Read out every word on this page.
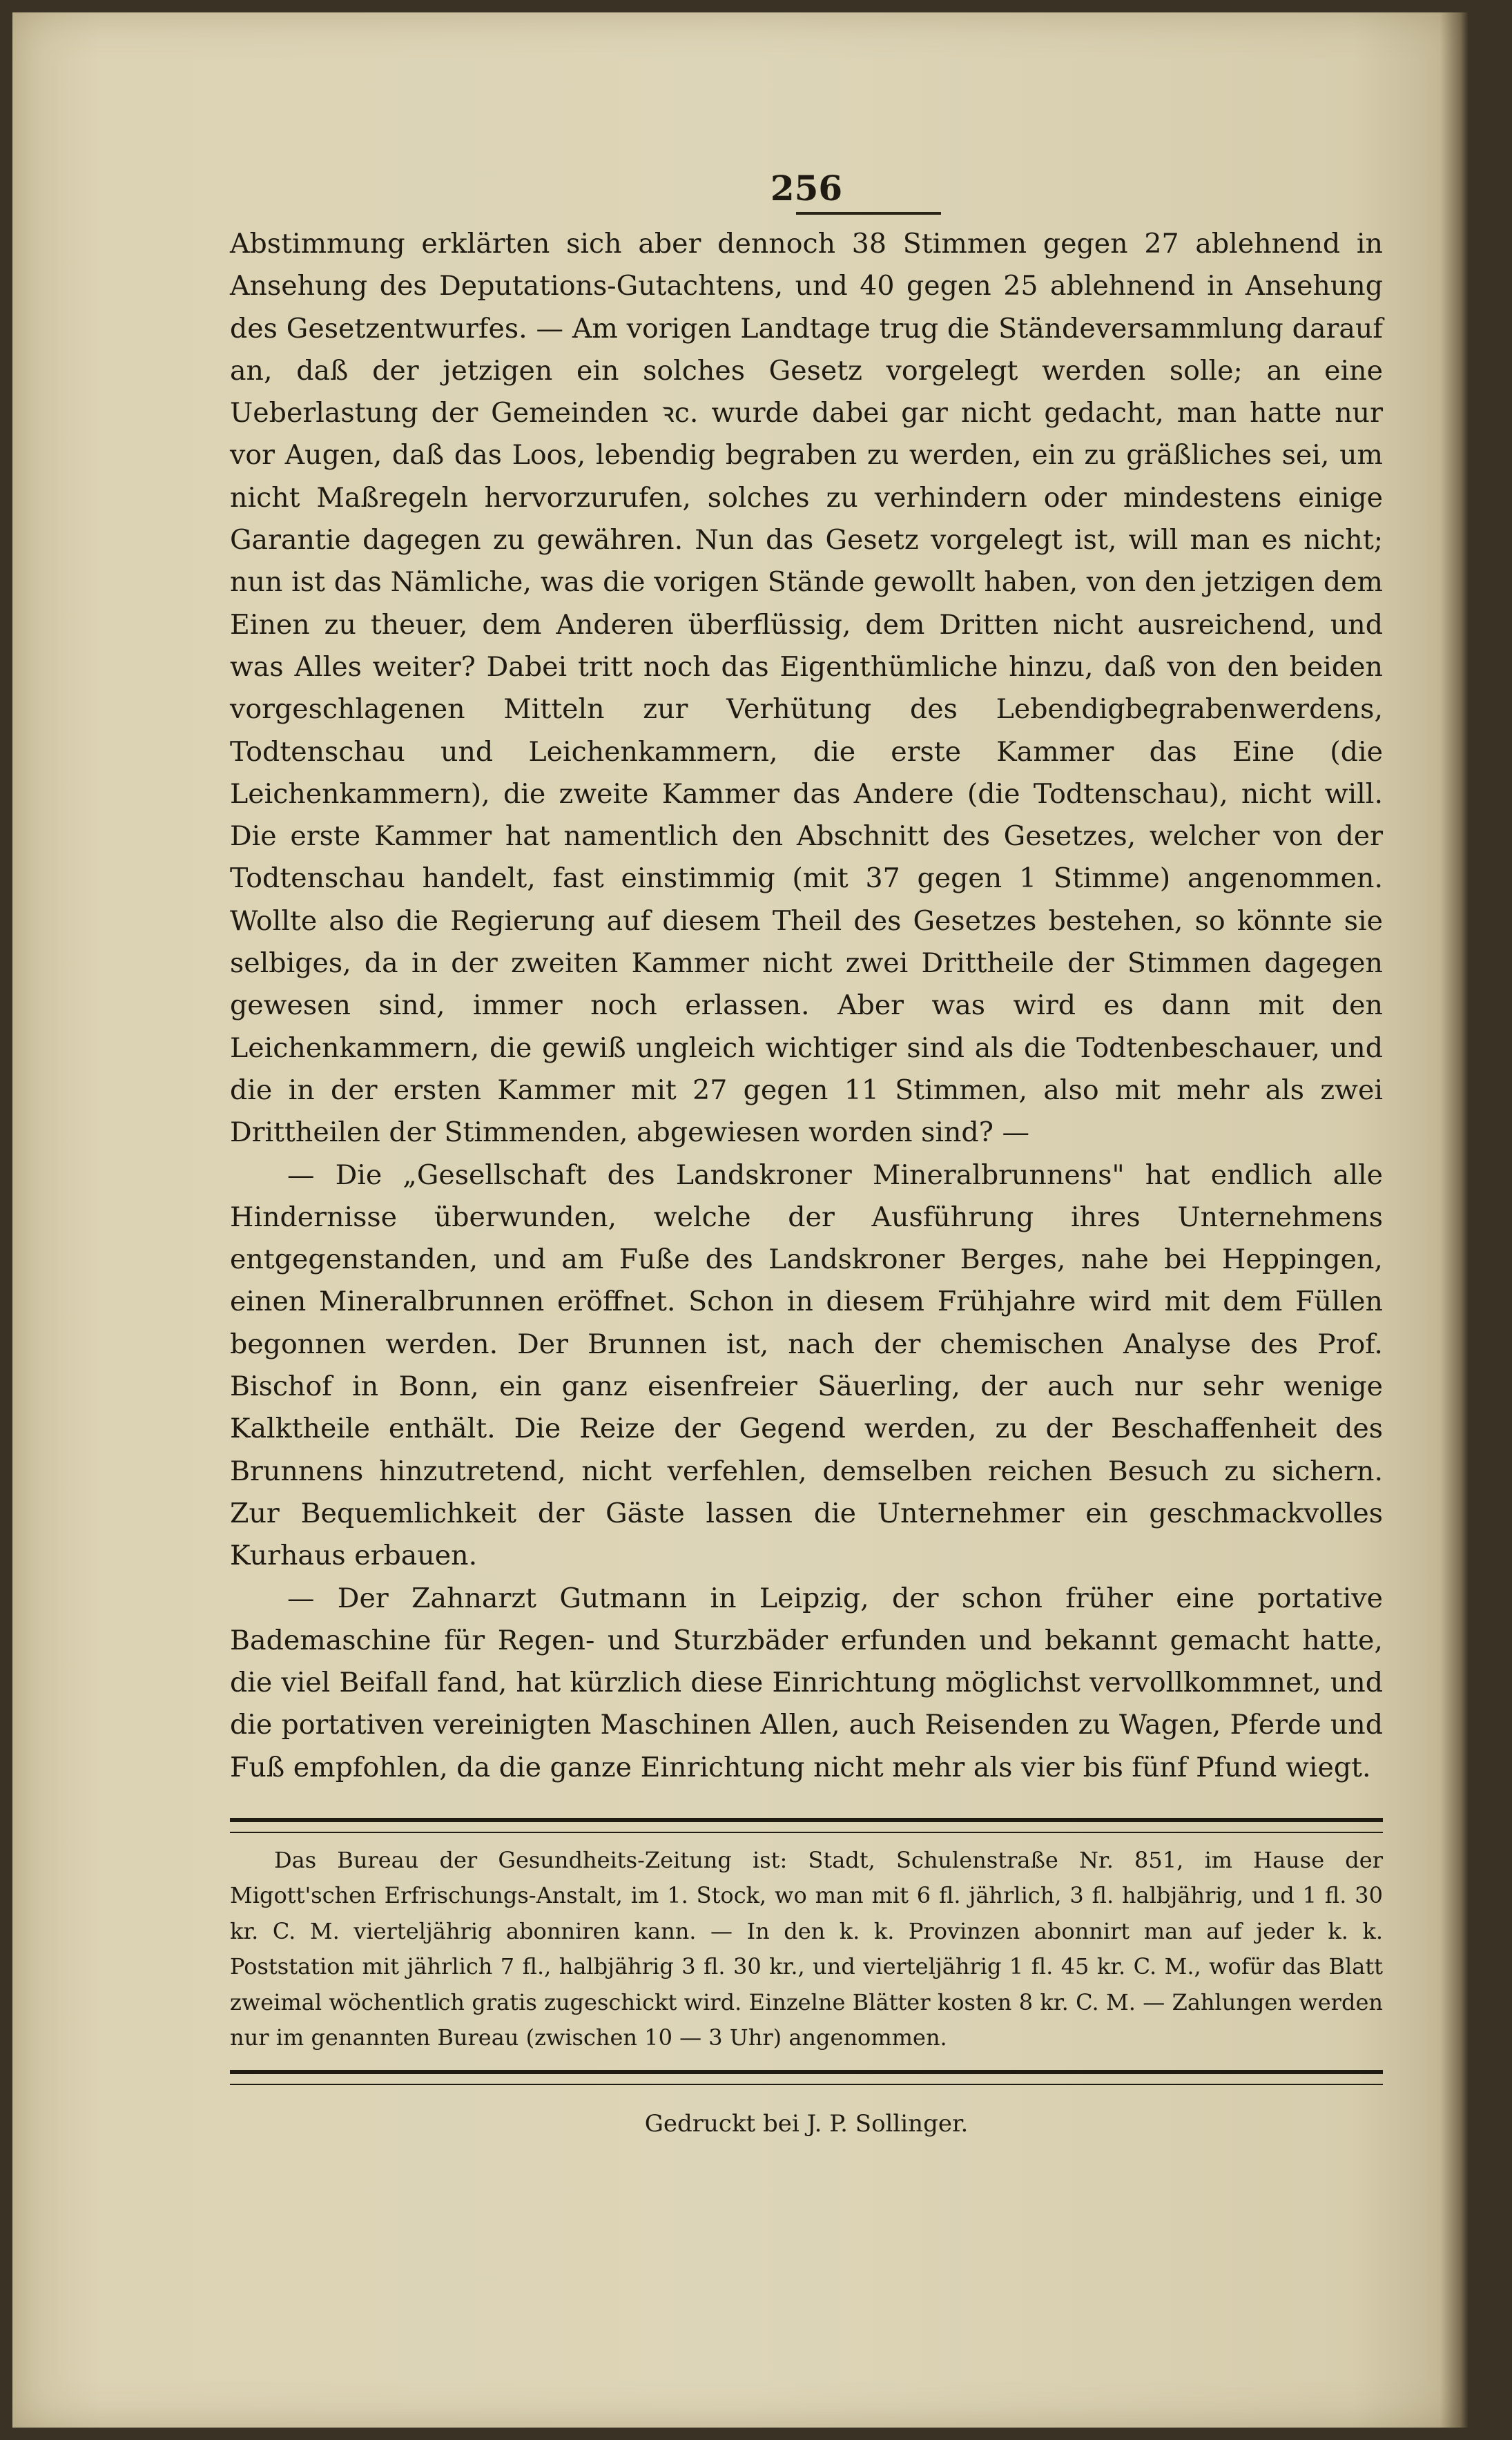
256

Abstimmung erklärten sich aber dennoch 38 Stimmen gegen 27 ablehnend in Ansehung des Deputations-Gutachtens, und 40 gegen 25 ablehnend in Ansehung des Gesetzentwurfes. — Am vorigen Landtage trug die Ständeversammlung darauf an, daß der jetzigen ein solches Gesetz vorgelegt werden solle; an eine Ueberlastung der Gemeinden ꝛc. wurde dabei gar nicht gedacht, man hatte nur vor Augen, daß das Loos, lebendig begraben zu werden, ein zu gräßliches sei, um nicht Maßregeln hervorzurufen, solches zu verhindern oder mindestens einige Garantie dagegen zu gewähren. Nun das Gesetz vorgelegt ist, will man es nicht; nun ist das Nämliche, was die vorigen Stände gewollt haben, von den jetzigen dem Einen zu theuer, dem Anderen überflüssig, dem Dritten nicht ausreichend, und was Alles weiter? Dabei tritt noch das Eigenthümliche hinzu, daß von den beiden vorgeschlagenen Mitteln zur Verhütung des Lebendigbegrabenwerdens, Todtenschau und Leichenkammern, die erste Kammer das Eine (die Leichenkammern), die zweite Kammer das Andere (die Todtenschau), nicht will. Die erste Kammer hat namentlich den Abschnitt des Gesetzes, welcher von der Todtenschau handelt, fast einstimmig (mit 37 gegen 1 Stimme) angenommen. Wollte also die Regierung auf diesem Theil des Gesetzes bestehen, so könnte sie selbiges, da in der zweiten Kammer nicht zwei Drittheile der Stimmen dagegen gewesen sind, immer noch erlassen. Aber was wird es dann mit den Leichenkammern, die gewiß ungleich wichtiger sind als die Todtenbeschauer, und die in der ersten Kammer mit 27 gegen 11 Stimmen, also mit mehr als zwei Drittheilen der Stimmenden, abgewiesen worden sind? —

— Die „Gesellschaft des Landskroner Mineralbrunnens" hat endlich alle Hindernisse überwunden, welche der Ausführung ihres Unternehmens entgegenstanden, und am Fuße des Landskroner Berges, nahe bei Heppingen, einen Mineralbrunnen eröffnet. Schon in diesem Frühjahre wird mit dem Füllen begonnen werden. Der Brunnen ist, nach der chemischen Analyse des Prof. Bischof in Bonn, ein ganz eisenfreier Säuerling, der auch nur sehr wenige Kalktheile enthält. Die Reize der Gegend werden, zu der Beschaffenheit des Brunnens hinzutretend, nicht verfehlen, demselben reichen Besuch zu sichern. Zur Bequemlichkeit der Gäste lassen die Unternehmer ein geschmackvolles Kurhaus erbauen.

— Der Zahnarzt Gutmann in Leipzig, der schon früher eine portative Bademaschine für Regen- und Sturzbäder erfunden und bekannt gemacht hatte, die viel Beifall fand, hat kürzlich diese Einrichtung möglichst vervollkommnet, und die portativen vereinigten Maschinen Allen, auch Reisenden zu Wagen, Pferde und Fuß empfohlen, da die ganze Einrichtung nicht mehr als vier bis fünf Pfund wiegt.

Das Bureau der Gesundheits-Zeitung ist: Stadt, Schulenstraße Nr. 851, im Hause der Migott'schen Erfrischungs-Anstalt, im 1. Stock, wo man mit 6 fl. jährlich, 3 fl. halbjährig, und 1 fl. 30 kr. C. M. vierteljährig abonniren kann. — In den k. k. Provinzen abonnirt man auf jeder k. k. Poststation mit jährlich 7 fl., halbjährig 3 fl. 30 kr., und vierteljährig 1 fl. 45 kr. C. M., wofür das Blatt zweimal wöchentlich gratis zugeschickt wird. Einzelne Blätter kosten 8 kr. C. M. — Zahlungen werden nur im genannten Bureau (zwischen 10 — 3 Uhr) angenommen.

Gedruckt bei J. P. Sollinger.
